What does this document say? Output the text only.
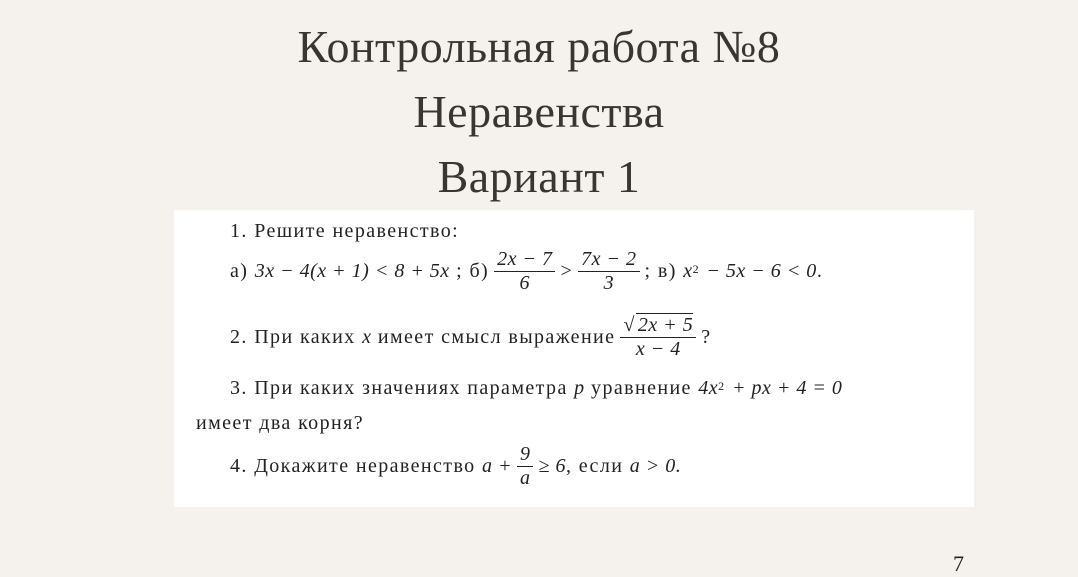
Контрольная работа №8
Неравенства
Вариант 1
1. Решите неравенство:
а)
3x − 4(x + 1) < 8 + 5x
;
$б) \frac{2x - 7}{6} > \frac{7x - 2}{3}$ ;
в)
$x^2$
− 5x − 6 < 0 .
2. При каких
x
имеет смысл выражение $\frac{√ 2x + 5}{x - 4}$ ?
3. При каких значениях параметра
p
уравнение
$4x^2$
+ px + 4 = 0
имеет два корня?
4. Докажите неравенство
$a + \frac{9}{a} \ge 6$ ,
если
a > 0.
7
